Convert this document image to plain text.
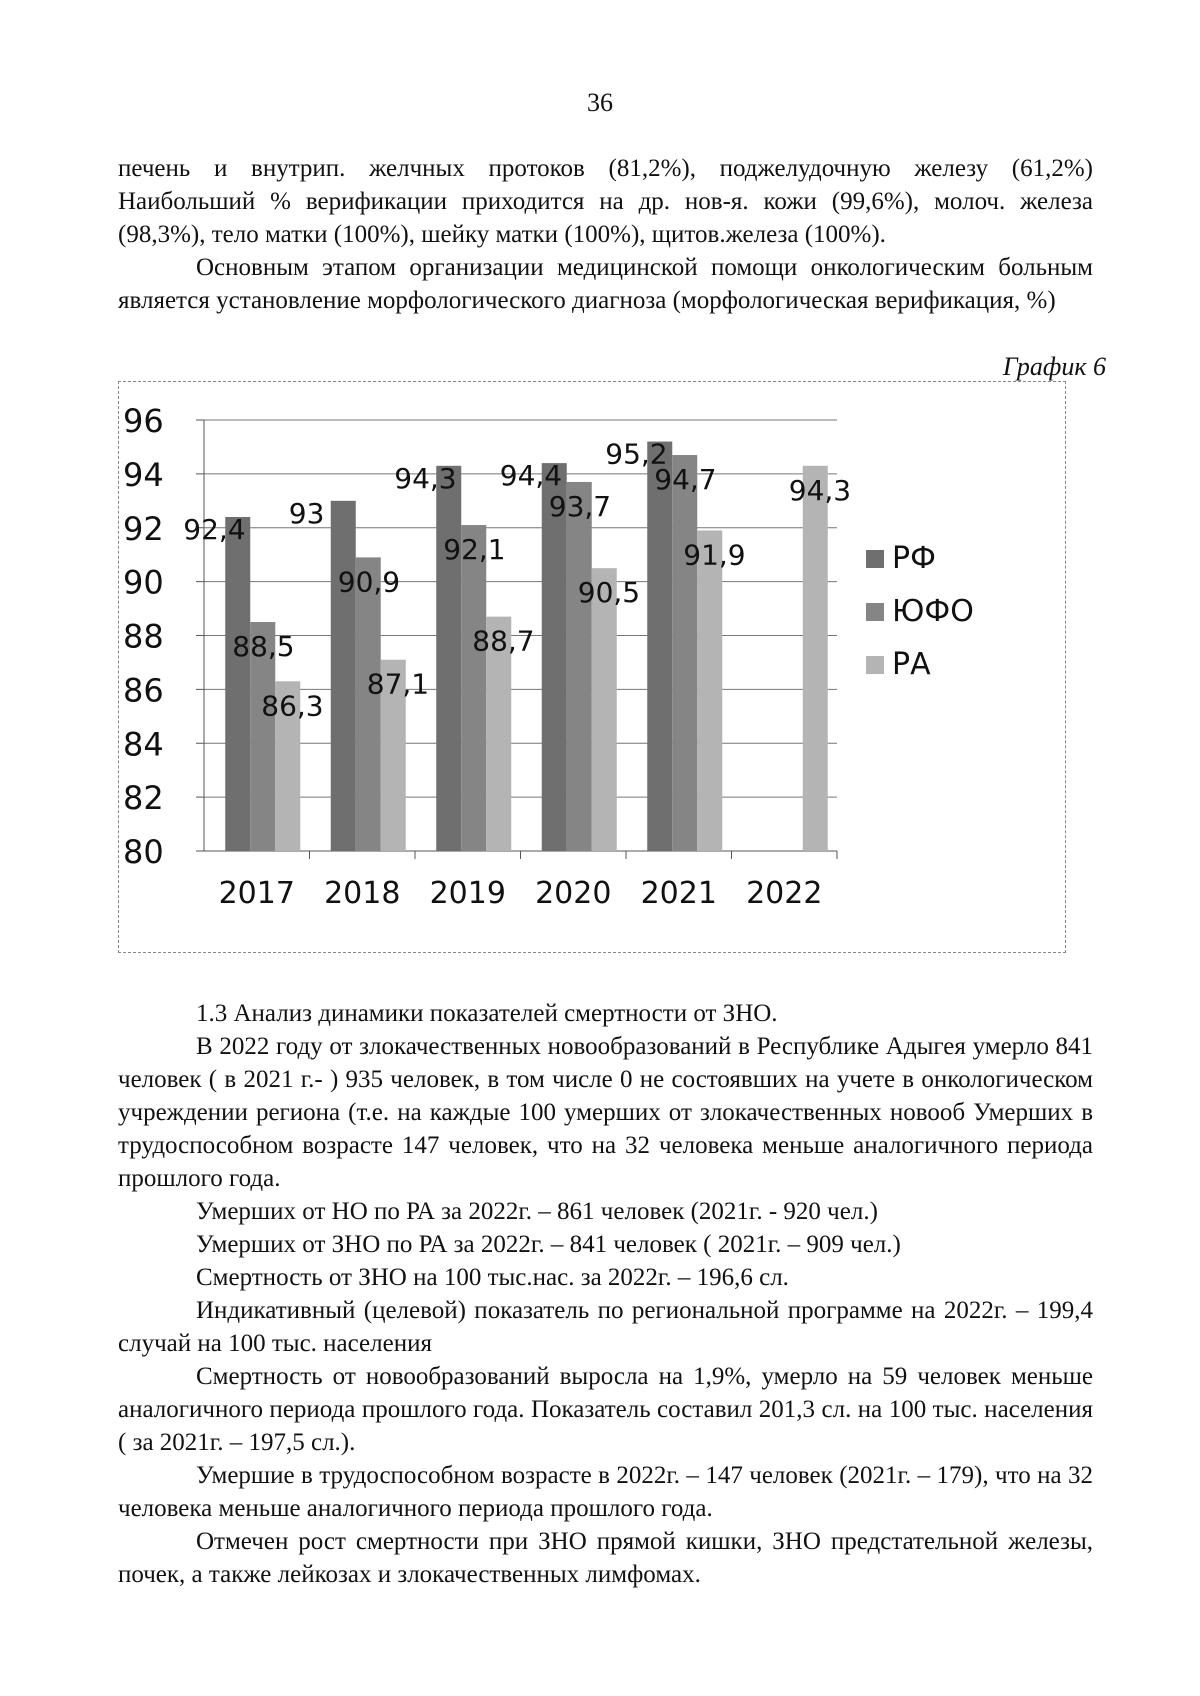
36

печень и внутрип. желчных протоков (81,2%), поджелудочную железу (61,2%) Наибольший % верификации приходится на др. нов-я. кожи (99,6%), молоч. железа (98,3%), тело матки (100%), шейку матки (100%), щитов.железа (100%).

Основным этапом организации медицинской помощи онкологическим больным является установление морфологического диагноза (морфологическая верификация, %)

График 6
80
82
84
86
88
90
92
94
96
92,4
88,5
86,3
2017
93
90,9
87,1
2018
94,3
92,1
88,7
2019
94,4
93,7
90,5
2020
95,2
94,7
91,9
2021
94,3
2022
РФ
ЮФО
РА

1.3 Анализ динамики показателей смертности от ЗНО.

В 2022 году от злокачественных новообразований в Республике Адыгея умерло 841 человек ( в 2021 г.- ) 935 человек, в том числе 0 не состоявших на учете в онкологическом учреждении региона (т.е. на каждые 100 умерших от злокачественных новооб Умерших в трудоспособном возрасте 147 человек, что на 32 человека меньше аналогичного периода прошлого года.

Умерших от НО по РА за 2022г. – 861 человек (2021г. - 920 чел.)

Умерших от ЗНО по РА за 2022г. – 841 человек ( 2021г. – 909 чел.)

Смертность от ЗНО на 100 тыс.нас. за 2022г. – 196,6 сл.

Индикативный (целевой) показатель по региональной программе на 2022г. – 199,4 случай на 100 тыс. населения

Смертность от новообразований выросла на 1,9%, умерло на 59 человек меньше аналогичного периода прошлого года. Показатель составил 201,3 сл. на 100 тыс. населения ( за 2021г. – 197,5 сл.).

Умершие в трудоспособном возрасте в 2022г. – 147 человек (2021г. – 179), что на 32 человека меньше аналогичного периода прошлого года.

Отмечен рост смертности при ЗНО прямой кишки, ЗНО предстательной железы, почек, а также лейкозах и злокачественных лимфомах.
